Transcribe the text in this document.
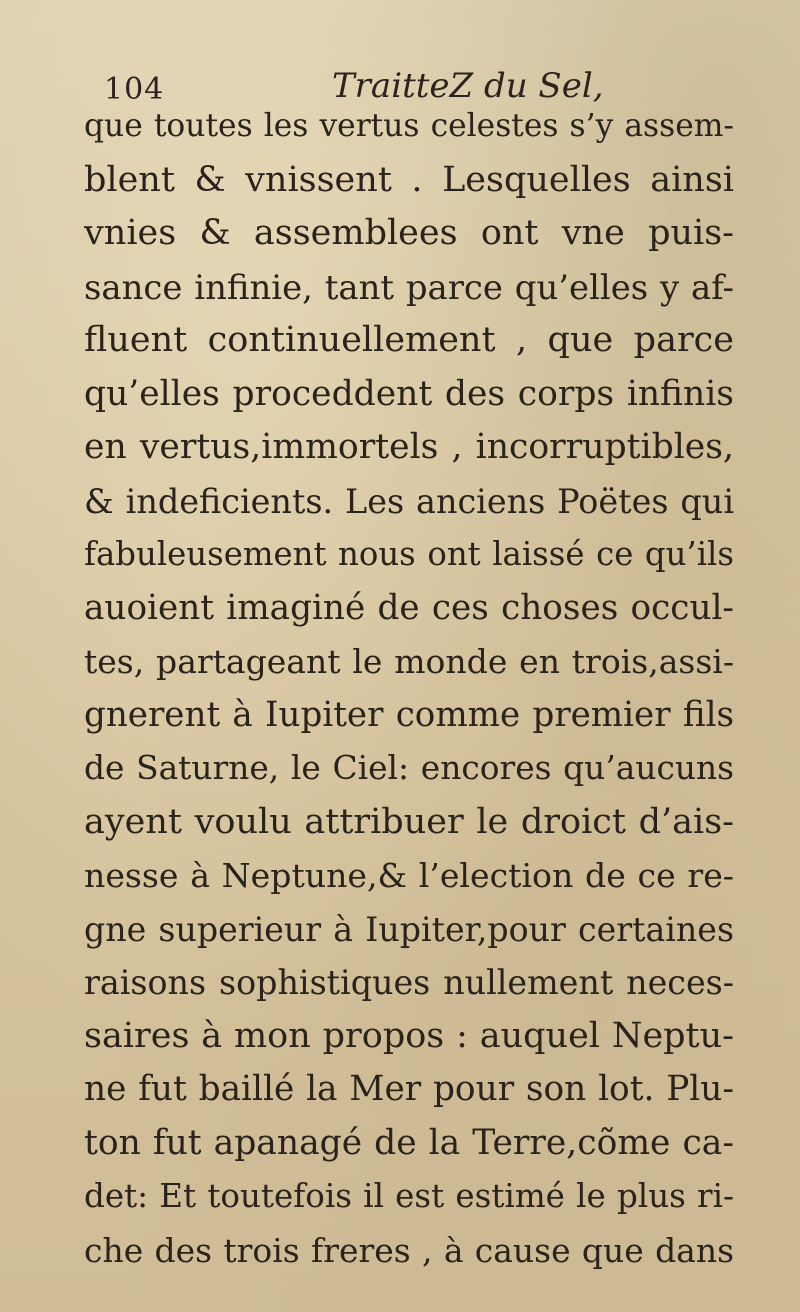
104	TraitteZ du Sel,
que toutes les vertus celestes s’y assem-
blent & vnissent . Lesquelles ainsi
vnies & assemblees ont vne puis-
sance infinie, tant parce qu’elles y af-
fluent continuellement , que parce
qu’elles proceddent des corps infinis
en vertus,immortels , incorruptibles,
& indeficients. Les anciens Poëtes qui
fabuleusement nous ont laissé ce qu’ils
auoient imaginé de ces choses occul-
tes, partageant le monde en trois,assi-
gnerent à Iupiter comme premier fils
de Saturne, le Ciel: encores qu’aucuns
ayent voulu attribuer le droict d’ais-
nesse à Neptune,& l’election de ce re-
gne superieur à Iupiter,pour certaines
raisons sophistiques nullement neces-
saires à mon propos : auquel Neptu-
ne fut baillé la Mer pour son lot. Plu-
ton fut apanagé de la Terre,cõme ca-
det: Et toutefois il est estimé le plus ri-
che des trois freres , à cause que dans
